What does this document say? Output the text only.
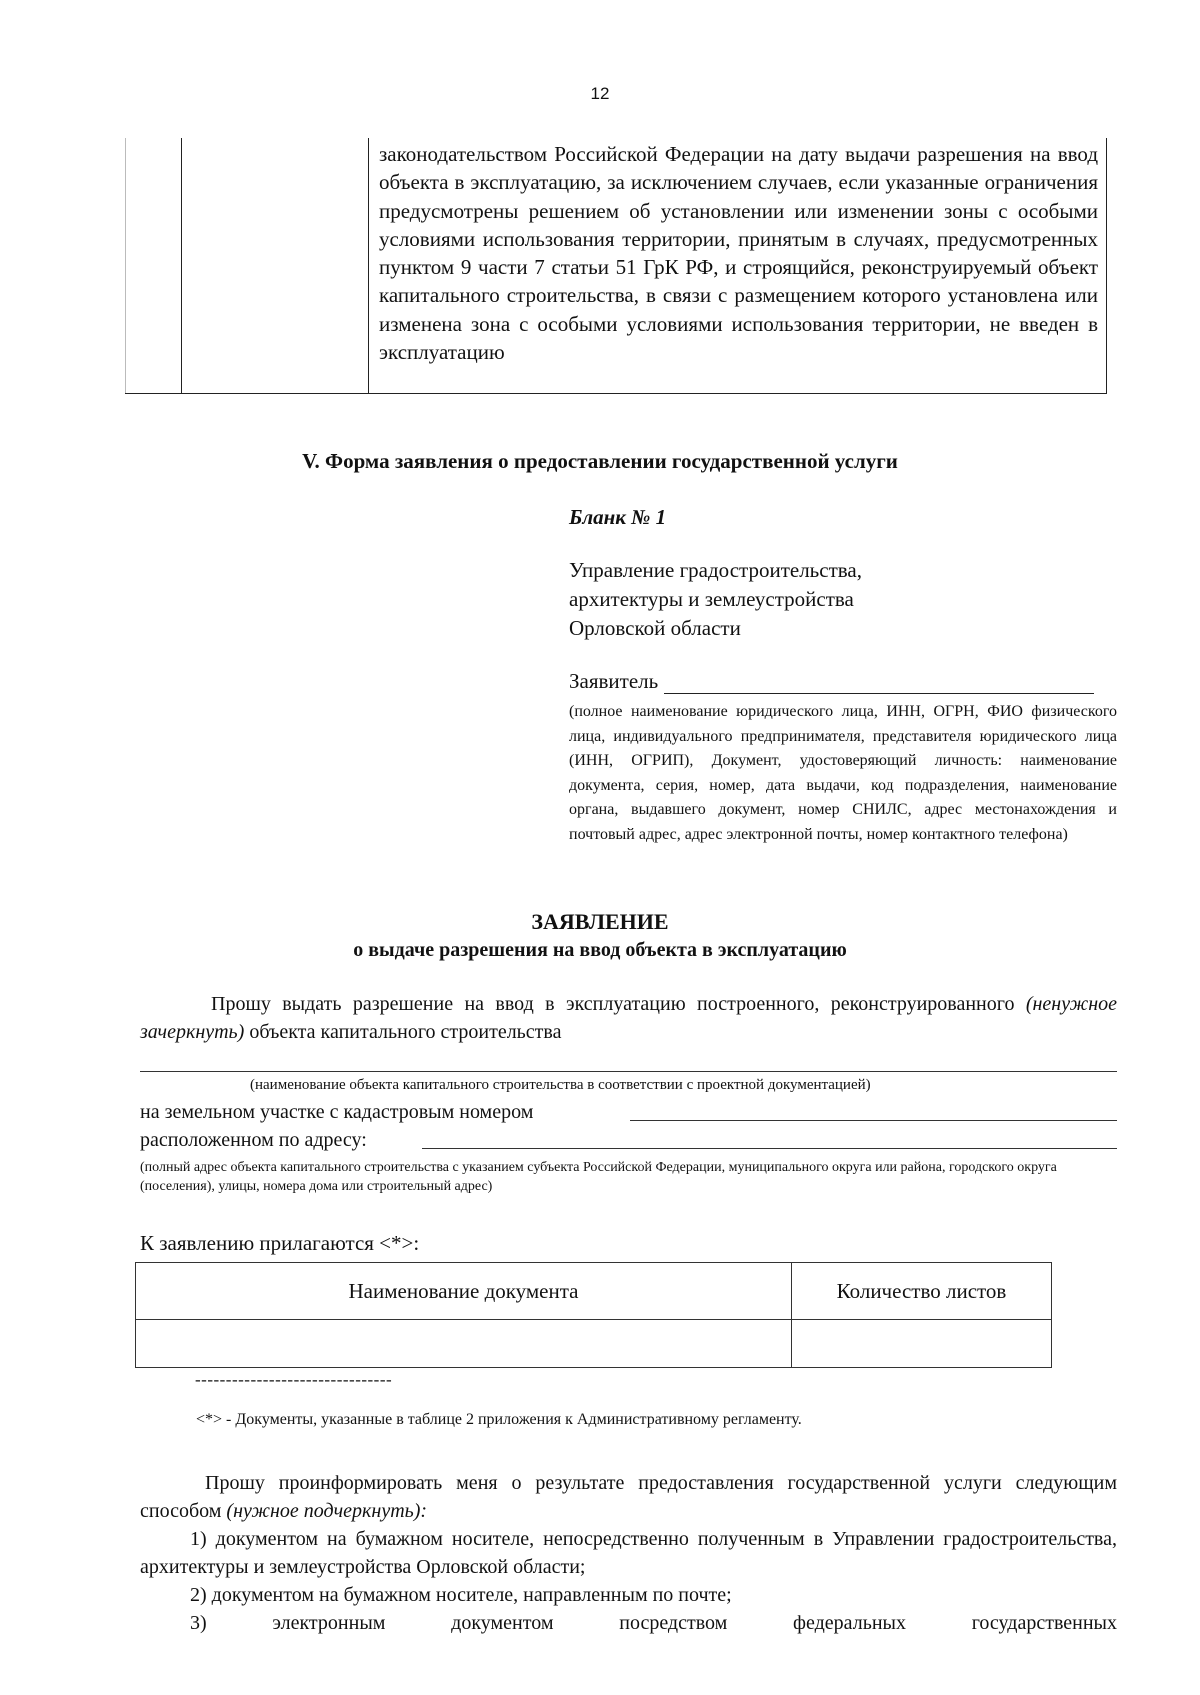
12
		законодательством Российской Федерации на дату выдачи разрешения на ввод объекта в эксплуатацию, за исключением случаев, если указанные ограничения предусмотрены решением об установлении или изменении зоны с особыми условиями использования территории, принятым в случаях, предусмотренных пунктом 9 части 7 статьи 51 ГрК РФ, и строящийся, реконструируемый объект капитального строительства, в связи с размещением которого установлена или изменена зона с особыми условиями использования территории, не введен в эксплуатацию
V. Форма заявления о предоставлении государственной услуги
Бланк № 1
Управление градостроительства,
архитектуры и землеустройства
Орловской области
Заявитель
(полное наименование юридического лица, ИНН, ОГРН, ФИО физического лица, индивидуального предпринимателя, представителя юридического лица (ИНН, ОГРИП), Документ, удостоверяющий личность: наименование документа, серия, номер, дата выдачи, код подразделения, наименование органа, выдавшего документ, номер СНИЛС, адрес местонахождения и почтовый адрес, адрес электронной почты, номер контактного телефона)
ЗАЯВЛЕНИЕ
о выдаче разрешения на ввод объекта в эксплуатацию
Прошу выдать разрешение на ввод в эксплуатацию построенного, реконструированного (ненужное зачеркнуть) объекта капитального строительства
(наименование объекта капитального строительства в соответствии с проектной документацией)
на земельном участке с кадастровым номером
расположенном по адресу:
(полный адрес объекта капитального строительства с указанием субъекта Российской Федерации, муниципального округа или района, городского округа (поселения), улицы, номера дома или строительный адрес)
К заявлению прилагаются <*>:
Наименование документа	Количество листов

--------------------------------
<*> - Документы, указанные в таблице 2 приложения к Административному регламенту.
Прошу проинформировать меня о результате предоставления государственной услуги следующим способом (нужное подчеркнуть):
1) документом на бумажном носителе, непосредственно полученным в Управлении градостроительства, архитектуры и землеустройства Орловской области;
2) документом на бумажном носителе, направленным по почте;
3) электронным документом посредством федеральных государственных
